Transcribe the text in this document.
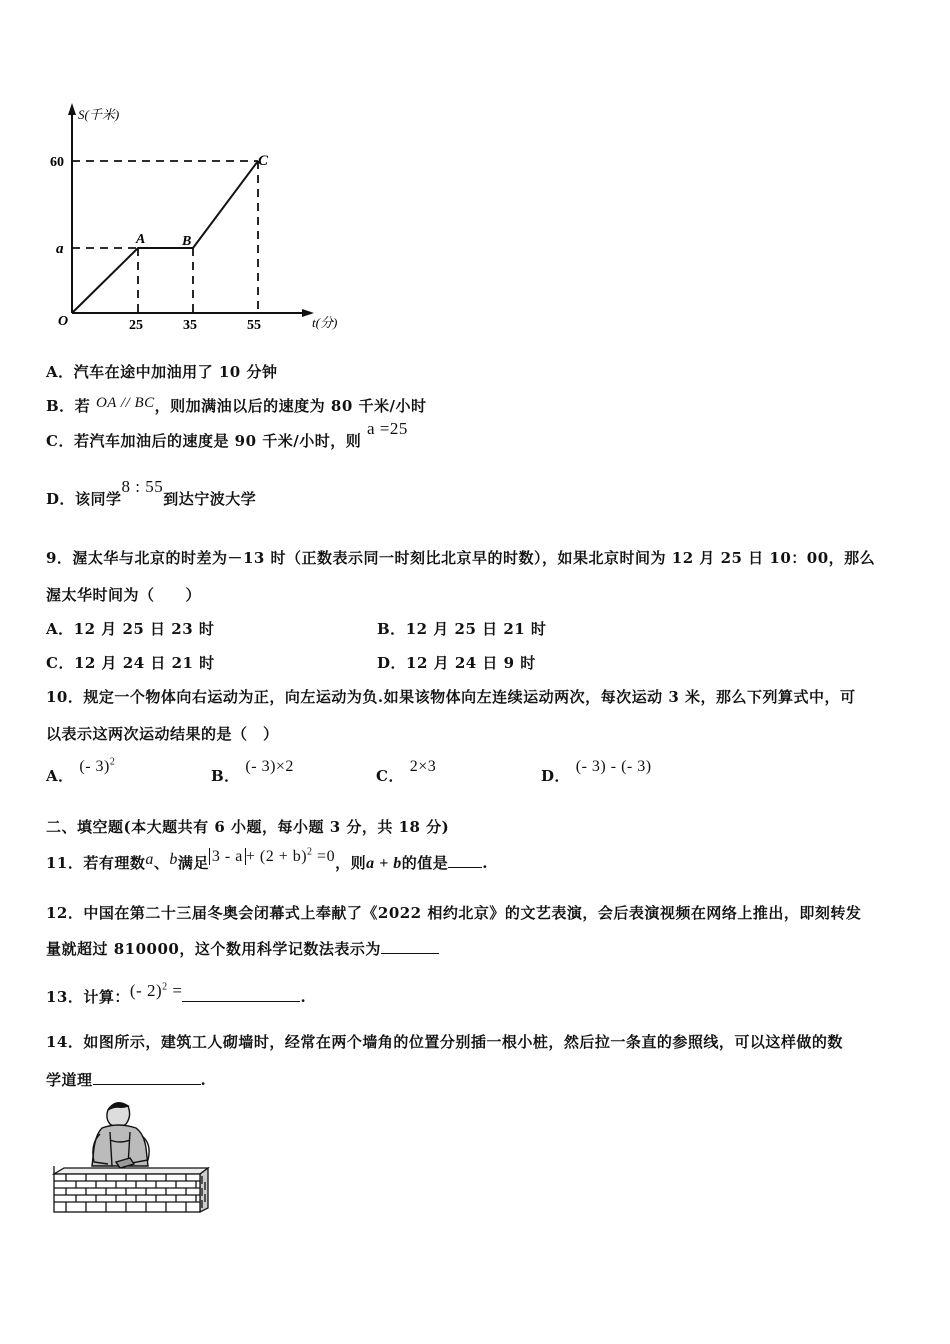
S(千米)
t(分)
O
60
a
25	35	55
A	B
C
A．汽车在途中加油用了 10 分钟
B．若 OA // BC，则加满油以后的速度为 80 千米/小时
C．若汽车加油后的速度是 90 千米/小时，则 a =25
D．该同学8 : 55到达宁波大学
9．渥太华与北京的时差为－13 时（正数表示同一时刻比北京早的时数），如果北京时间为 12 月 25 日 10：00，那么
渥太华时间为（　　）
A．12 月 25 日 23 时	B．12 月 25 日 21 时
C．12 月 24 日 21 时	D．12 月 24 日 9 时
10．规定一个物体向右运动为正，向左运动为负.如果该物体向左连续运动两次，每次运动 3 米，那么下列算式中，可
以表示这两次运动结果的是（　）
A． (- 3)$^2$
B． (- 3)×2
C． 2×3
D． (- 3) - (- 3)
二、填空题(本大题共有 6 小题，每小题 3 分，共 18 分)
11．若有理数a、b满足 $3 - a + (2 + b)^2 =0$，则a + b的值是 .
12．中国在第二十三届冬奥会闭幕式上奉献了《2022 相约北京》的文艺表演，会后表演视频在网络上推出，即刻转发
量就超过 810000，这个数用科学记数法表示为
13．计算：(- 2)$^2$ =	.
14．如图所示，建筑工人砌墙时，经常在两个墙角的位置分别插一根小桩，然后拉一条直的参照线，可以这样做的数
学道理	.
